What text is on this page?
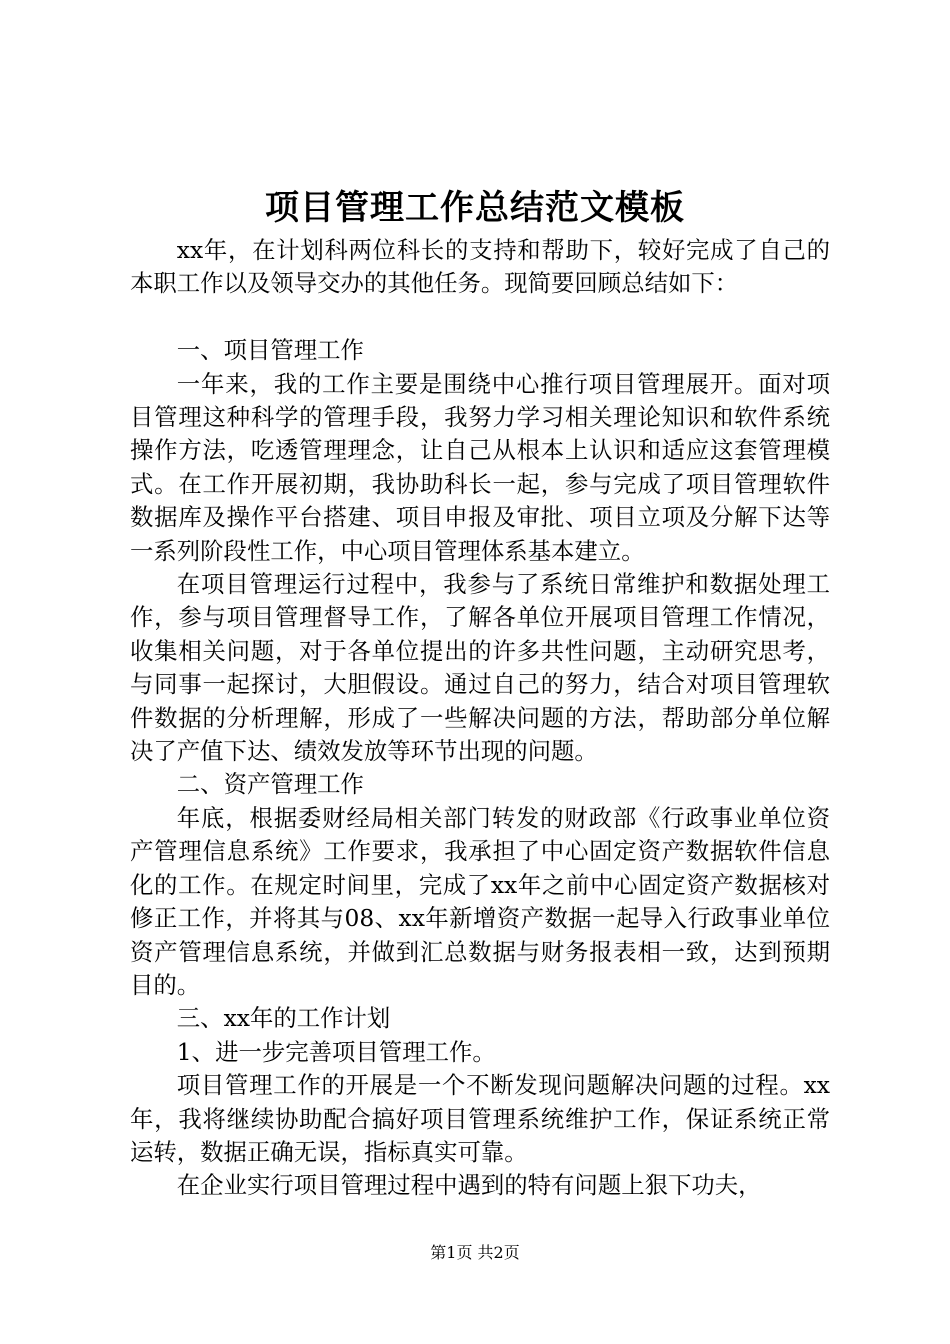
项目管理工作总结范文模板

xx年，在计划科两位科长的支持和帮助下，较好完成了自己的本职工作以及领导交办的其他任务。现简要回顾总结如下：

一、项目管理工作

一年来，我的工作主要是围绕中心推行项目管理展开。面对项目管理这种科学的管理手段，我努力学习相关理论知识和软件系统操作方法，吃透管理理念，让自己从根本上认识和适应这套管理模式。在工作开展初期，我协助科长一起，参与完成了项目管理软件数据库及操作平台搭建、项目申报及审批、项目立项及分解下达等一系列阶段性工作，中心项目管理体系基本建立。

在项目管理运行过程中，我参与了系统日常维护和数据处理工作，参与项目管理督导工作，了解各单位开展项目管理工作情况，收集相关问题，对于各单位提出的许多共性问题，主动研究思考，与同事一起探讨，大胆假设。通过自己的努力，结合对项目管理软件数据的分析理解，形成了一些解决问题的方法，帮助部分单位解决了产值下达、绩效发放等环节出现的问题。

二、资产管理工作

年底，根据委财经局相关部门转发的财政部《行政事业单位资产管理信息系统》工作要求，我承担了中心固定资产数据软件信息化的工作。在规定时间里，完成了xx年之前中心固定资产数据核对修正工作，并将其与08、xx年新增资产数据一起导入行政事业单位资产管理信息系统，并做到汇总数据与财务报表相一致，达到预期目的。

三、xx年的工作计划

1、进一步完善项目管理工作。

项目管理工作的开展是一个不断发现问题解决问题的过程。xx年，我将继续协助配合搞好项目管理系统维护工作，保证系统正常运转，数据正确无误，指标真实可靠。

在企业实行项目管理过程中遇到的特有问题上狠下功夫，

第1页 共2页
